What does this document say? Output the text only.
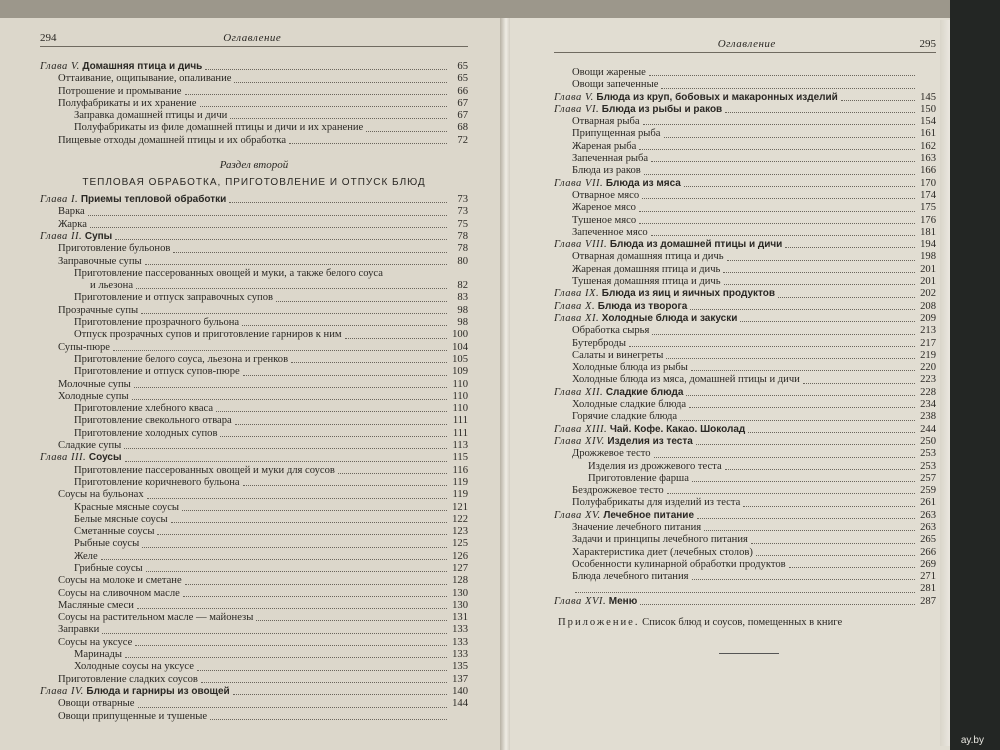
294	Оглавление
Глава V. Домашняя птица и дичь	65
Оттаивание, ощипывание, опаливание	65
Потрошение и промывание	66
Полуфабрикаты и их хранение	67
Заправка домашней птицы и дичи	67
Полуфабрикаты из филе домашней птицы и дичи и их хранение	68
Пищевые отходы домашней птицы и их обработка	72
Раздел второй
ТЕПЛОВАЯ ОБРАБОТКА, ПРИГОТОВЛЕНИЕ И ОТПУСК БЛЮД
Глава I. Приемы тепловой обработки	73
Варка	73
Жарка	75
Глава II. Супы	78
Приготовление бульонов	78
Заправочные супы	80
Приготовление пассерованных овощей и муки, а также белого соуса
и льезона	82
Приготовление и отпуск заправочных супов	83
Прозрачные супы	98
Приготовление прозрачного бульона	98
Отпуск прозрачных супов и приготовление гарниров к ним	100
Супы-пюре	104
Приготовление белого соуса, льезона и гренков	105
Приготовление и отпуск супов-пюре	109
Молочные супы	110
Холодные супы	110
Приготовление хлебного кваса	110
Приготовление свекольного отвара	111
Приготовление холодных супов	111
Сладкие супы	113
Глава III. Соусы	115
Приготовление пассерованных овощей и муки для соусов	116
Приготовление коричневого бульона	119
Соусы на бульонах	119
Красные мясные соусы	121
Белые мясные соусы	122
Сметанные соусы	123
Рыбные соусы	125
Желе	126
Грибные соусы	127
Соусы на молоке и сметане	128
Соусы на сливочном масле	130
Масляные смеси	130
Соусы на растительном масле — майонезы	131
Заправки	133
Соусы на уксусе	133
Маринады	133
Холодные соусы на уксусе	135
Приготовление сладких соусов	137
Глава IV. Блюда и гарниры из овощей	140
Овощи отварные	144
Овощи припущенные и тушеные
Оглавление	295
Овощи жареные
Овощи запеченные
Глава V. Блюда из круп, бобовых и макаронных изделий	145
Глава VI. Блюда из рыбы и раков	150
Отварная рыба	154
Припущенная рыба	161
Жареная рыба	162
Запеченная рыба	163
Блюда из раков	166
Глава VII. Блюда из мяса	170
Отварное мясо	174
Жареное мясо	175
Тушеное мясо	176
Запеченное мясо	181
Глава VIII. Блюда из домашней птицы и дичи	194
Отварная домашняя птица и дичь	198
Жареная домашняя птица и дичь	201
Тушеная домашняя птица и дичь	201
Глава IX. Блюда из яиц и яичных продуктов	202
Глава X. Блюда из творога	208
Глава XI. Холодные блюда и закуски	209
Обработка сырья	213
Бутерброды	217
Салаты и винегреты	219
Холодные блюда из рыбы	220
Холодные блюда из мяса, домашней птицы и дичи	223
Глава XII. Сладкие блюда	228
Холодные сладкие блюда	234
Горячие сладкие блюда	238
Глава XIII. Чай. Кофе. Какао. Шоколад	244
Глава XIV. Изделия из теста	250
Дрожжевое тесто	253
Изделия из дрожжевого теста	253
Приготовление фарша	257
Бездрожжевое тесто	259
Полуфабрикаты для изделий из теста	261
Глава XV. Лечебное питание	263
Значение лечебного питания	263
Задачи и принципы лечебного питания	265
Характеристика диет (лечебных столов)	266
Особенности кулинарной обработки продуктов	269
Блюда лечебного питания	271
281
Глава XVI. Меню	287
Приложение. Список блюд и соусов, помещенных в книге
ay.by
